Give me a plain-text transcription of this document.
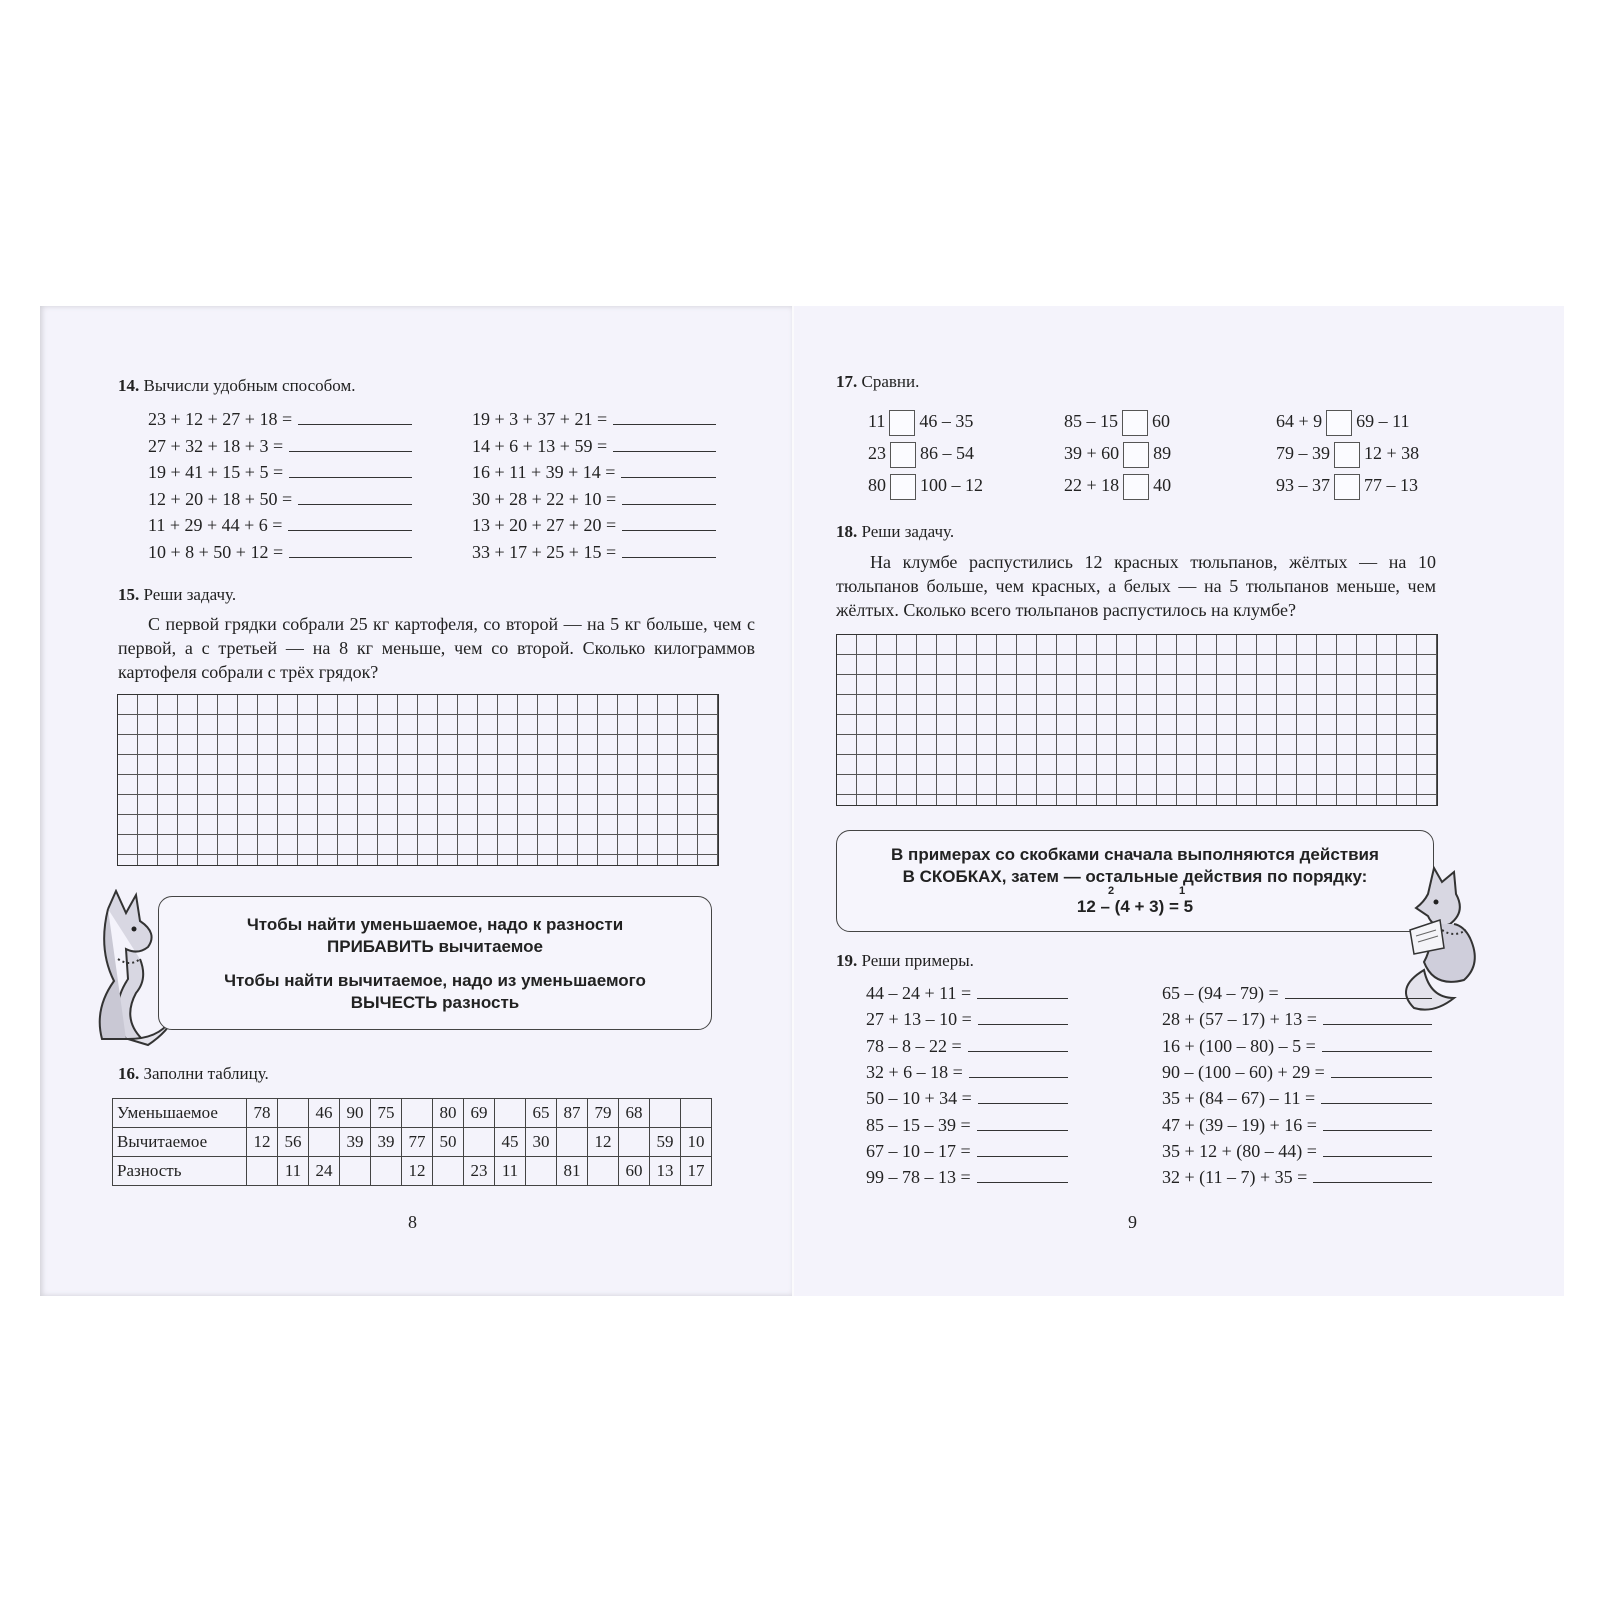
14. Вычисли удобным способом.
23 + 12 + 27 + 18 =
27 + 32 + 18 + 3 =
19 + 41 + 15 + 5 =
12 + 20 + 18 + 50 =
11 + 29 + 44 + 6 =
10 + 8 + 50 + 12 =
19 + 3 + 37 + 21 =
14 + 6 + 13 + 59 =
16 + 11 + 39 + 14 =
30 + 28 + 22 + 10 =
13 + 20 + 27 + 20 =
33 + 17 + 25 + 15 =
15. Реши задачу.
С первой грядки собрали 25 кг картофеля, со второй — на 5 кг больше, чем с первой, а с третьей — на 8 кг меньше, чем со второй. Сколько килограммов картофеля собрали с трёх грядок?
Чтобы найти уменьшаемое, надо к разности
ПРИБАВИТЬ вычитаемое
Чтобы найти вычитаемое, надо из уменьшаемого
ВЫЧЕСТЬ разность
16. Заполни таблицу.
Уменьшаемое	78		46	90	75		80	69		65	87	79	68		
Вычитаемое	12	56		39	39	77	50		45	30		12		59	10
Разность		11	24			12		23	11		81		60	13	17
8
17. Сравни.
11 46 – 35
23 86 – 54
80 100 – 12
85 – 15 60
39 + 60 89
22 + 18 40
64 + 9 69 – 11
79 – 39 12 + 38
93 – 37 77 – 13
18. Реши задачу.
На клумбе распустились 12 красных тюльпанов, жёлтых — на 10 тюльпанов больше, чем красных, а белых — на 5 тюльпанов меньше, чем жёлтых. Сколько всего тюльпанов распустилось на клумбе?
В примерах со скобками сначала выполняются действия
В СКОБКАХ, затем — остальные действия по порядку:
2	1
12 – (4 + 3) = 5
19. Реши примеры.
44 – 24 + 11 =
27 + 13 – 10 =
78 – 8 – 22 =
32 + 6 – 18 =
50 – 10 + 34 =
85 – 15 – 39 =
67 – 10 – 17 =
99 – 78 – 13 =
65 – (94 – 79) =
28 + (57 – 17) + 13 =
16 + (100 – 80) – 5 =
90 – (100 – 60) + 29 =
35 + (84 – 67) – 11 =
47 + (39 – 19) + 16 =
35 + 12 + (80 – 44) =
32 + (11 – 7) + 35 =
9
